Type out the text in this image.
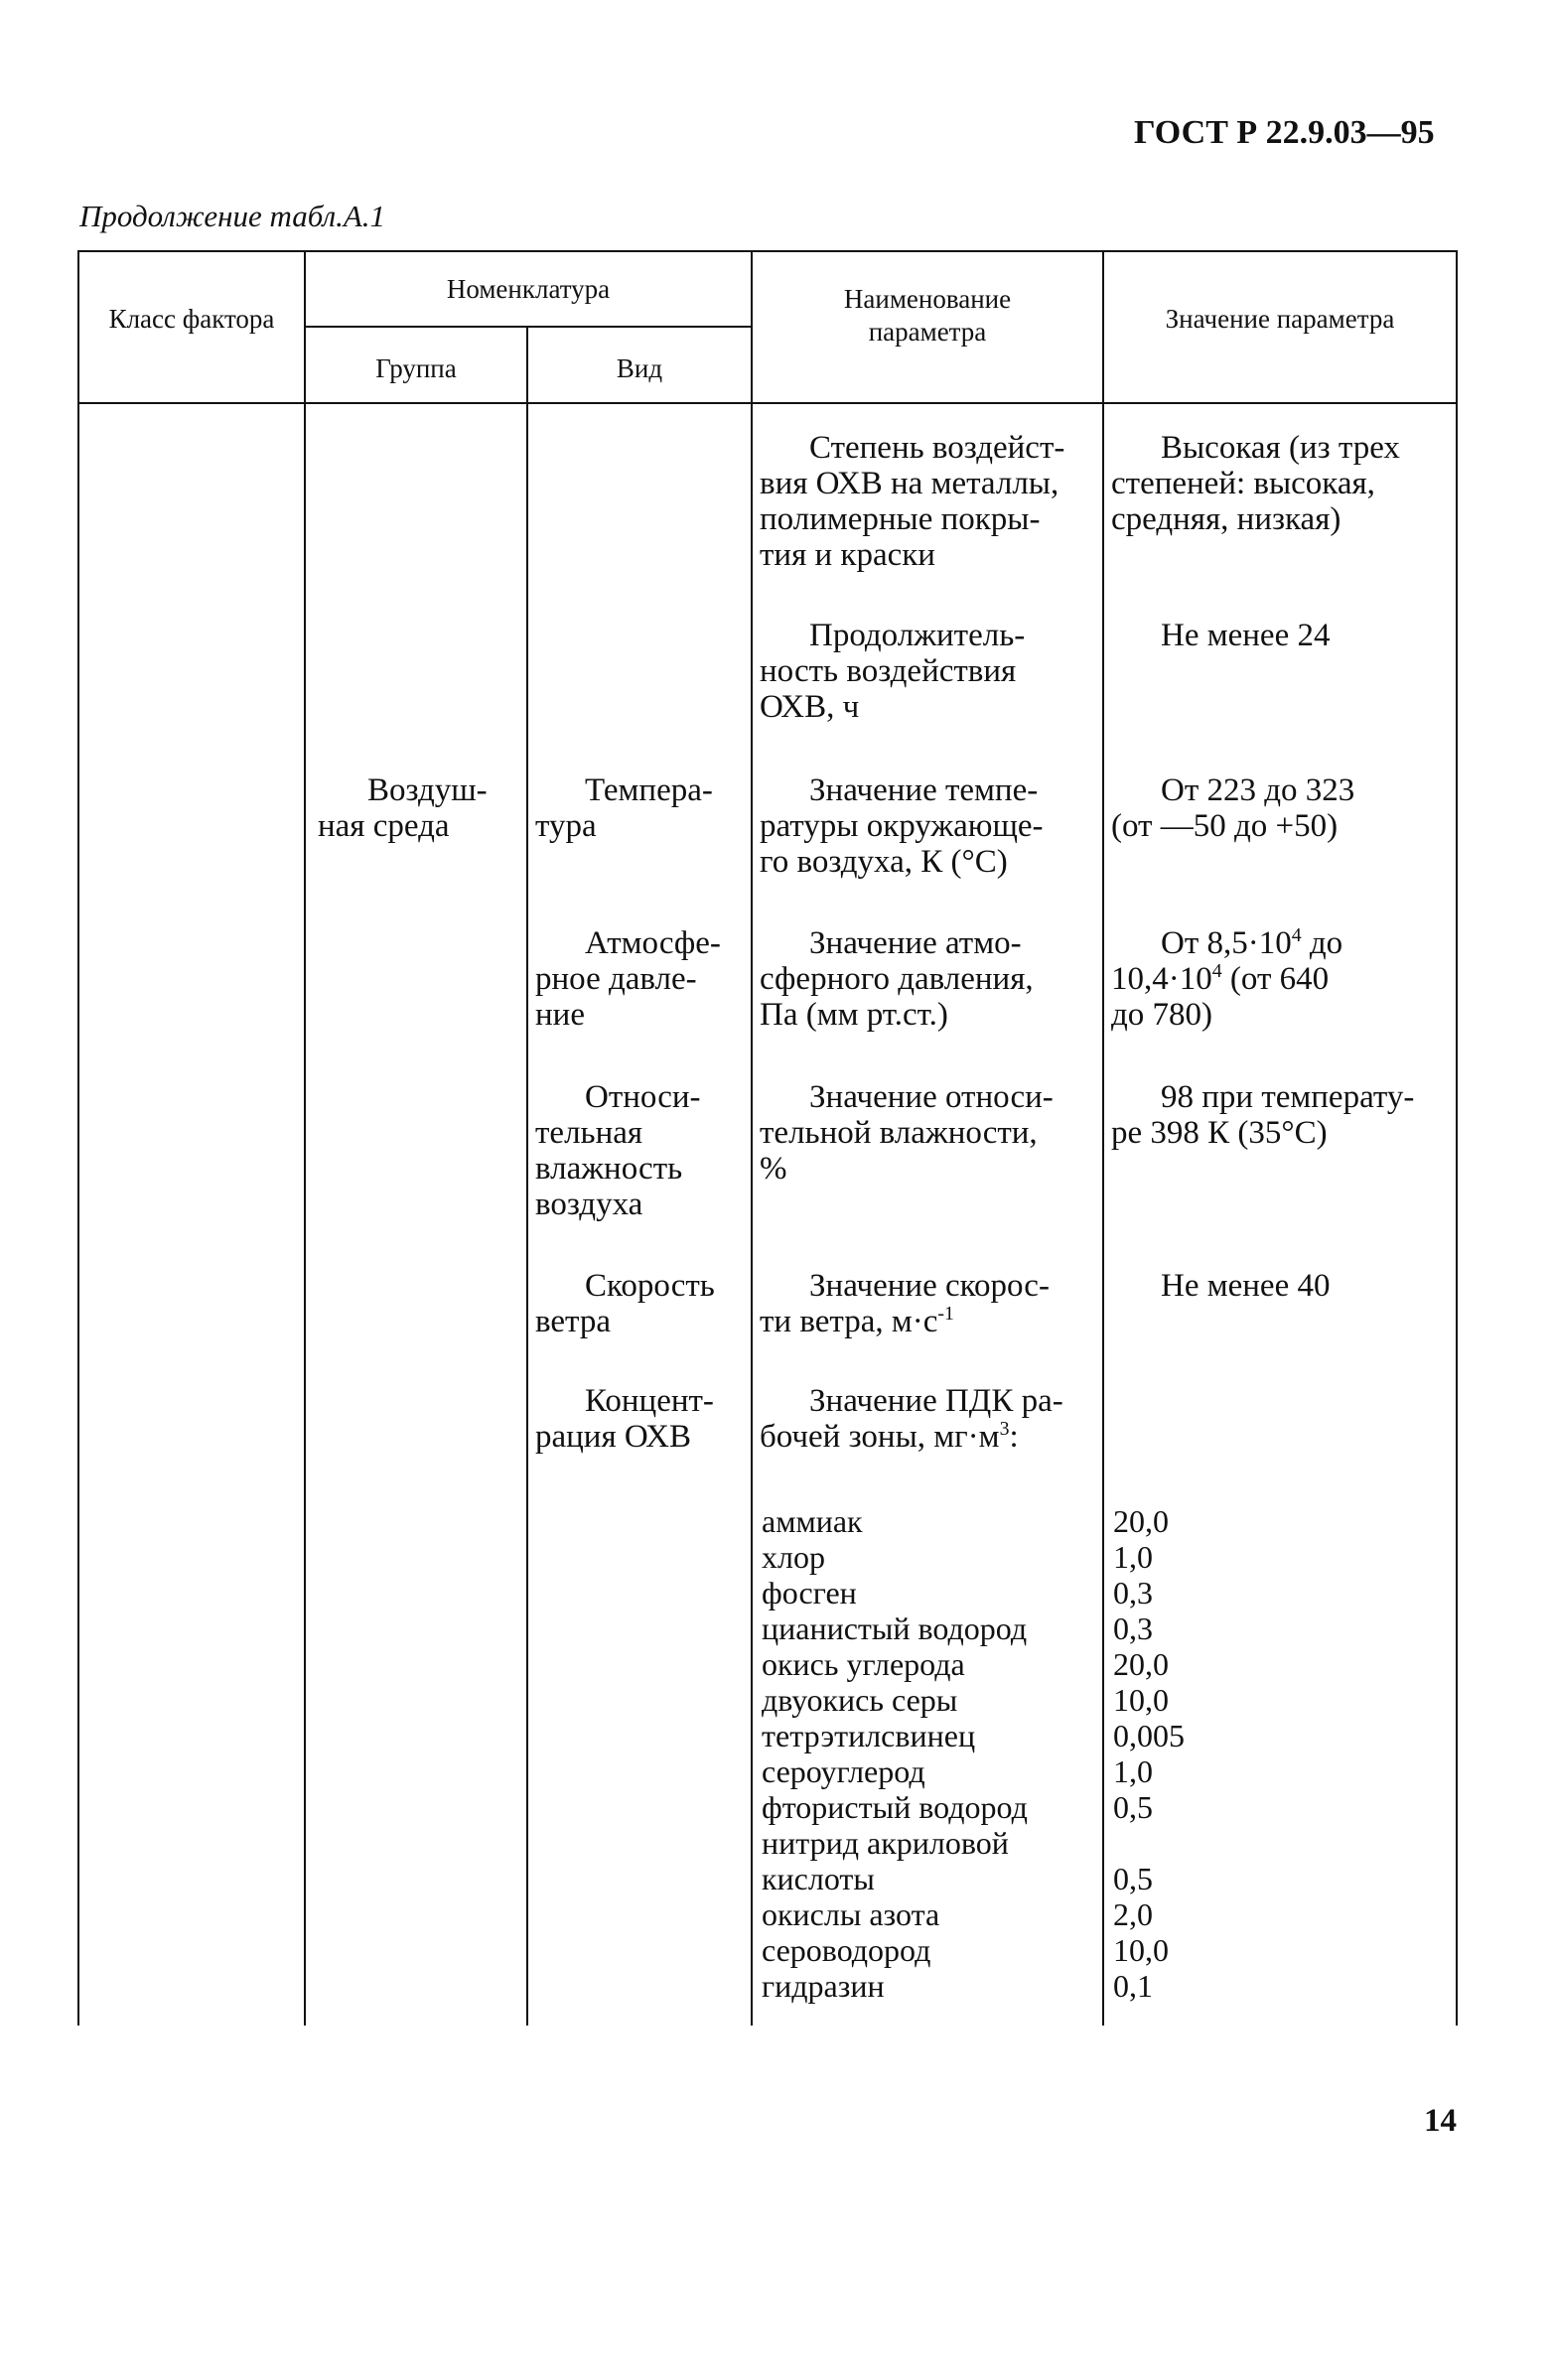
ГОСТ Р 22.9.03—95
Продолжение табл.А.1
Класс фактора
Номенклатура
Группа	Вид
Наименование
параметра	Значение параметра
Воздуш-
ная среда
Степень воздейст-
вия ОХВ на металлы,
полимерные покры-
тия и краски
Высокая (из трех
степеней: высокая,
средняя, низкая)
Продолжитель-
ность воздействия
ОХВ, ч
Не менее 24
Темпера-
тура
Значение темпе-
ратуры окружающе-
го воздуха, К (°С)
От 223 до 323
(от —50 до +50)
Атмосфе-
рное давле-
ние
Значение атмо-
сферного давления,
Па (мм рт.ст.)
От $8,5\cdot 10^4$ до
$10,4\cdot 10^4$ (от 640
до 780)
Относи-
тельная
влажность
воздуха
Значение относи-
тельной влажности,
%
98 при температу-
ре 398 К (35°С)
Скорость
ветра
Значение скорос-
ти ветра, $м\cdot с^{-1}$
Не менее 40
Концент-
рация ОХВ
Значение ПДК ра-
бочей зоны, $мг\cdot м^3$:
аммиак
хлор
фосген
цианистый водород
окись углерода
двуокись серы
тетрэтилсвинец
сероуглерод
фтористый водород
нитрид акриловой
кислоты
окислы азота
сероводород
гидразин
20,0
1,0
0,3
0,3
20,0
10,0
0,005
1,0
0,5

0,5
2,0
10,0
0,1
14
